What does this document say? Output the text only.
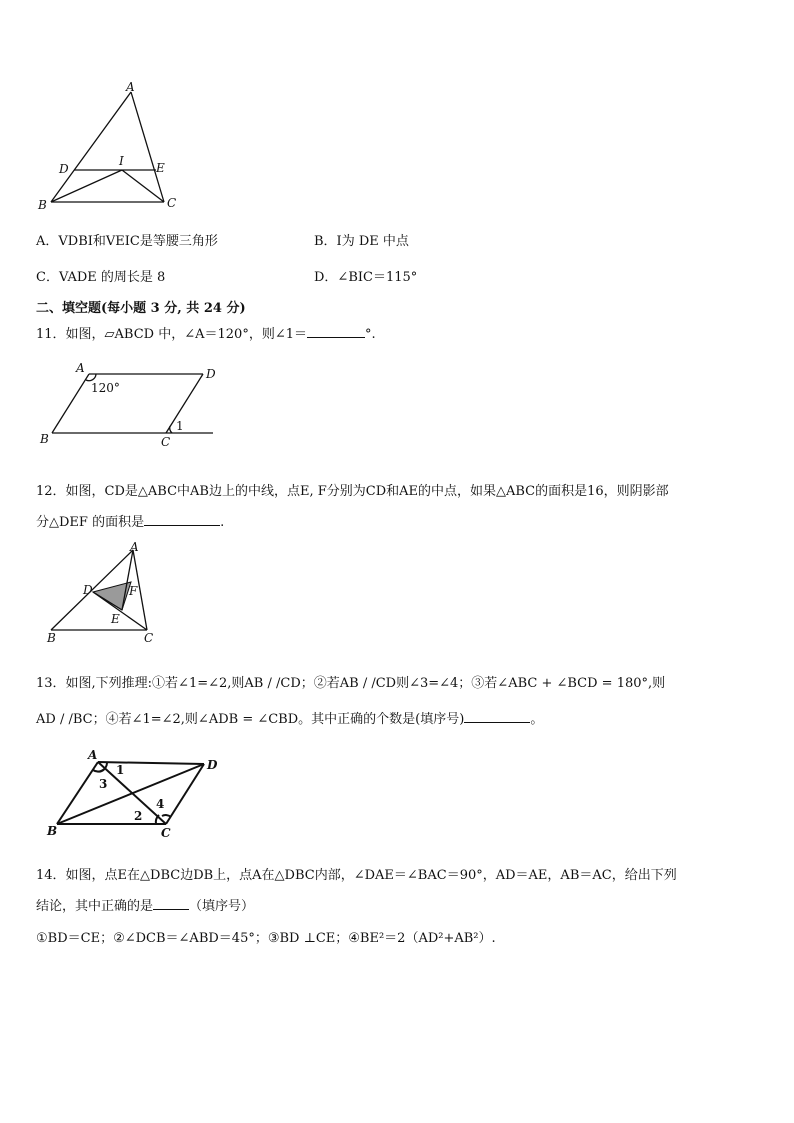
A
B	C
D	E
I
A．VDBI和VEIC是等腰三角形	B．I为 DE 中点
C．VADE 的周长是 8	D．∠BIC＝115°
二、填空题(每小题 3 分, 共 24 分)
11．如图，▱ABCD 中，∠A＝120°，则∠1＝	°.
A
B	C
D
120°
1
12．如图，CD是△ABC中AB边上的中线，点E, F分别为CD和AE的中点，如果△ABC的面积是16，则阴影部
分△DEF 的面积是	.
A
B	C
D
E
F
13．如图,下列推理:①若∠1=∠2,则AB / /CD；②若AB / /CD则∠3=∠4；③若∠ABC + ∠BCD = 180°,则
AD / /BC；④若∠1=∠2,则∠ADB = ∠CBD。其中正确的个数是(填序号)	。
A
B	C
D
1
2
3
4
14．如图，点E在△DBC边DB上，点A在△DBC内部，∠DAE＝∠BAC＝90°，AD＝AE，AB＝AC，给出下列
结论，其中正确的是	（填序号）
①BD＝CE；②∠DCB＝∠ABD＝45°；③BD ⊥CE；④BE²＝2（AD²+AB²）.
